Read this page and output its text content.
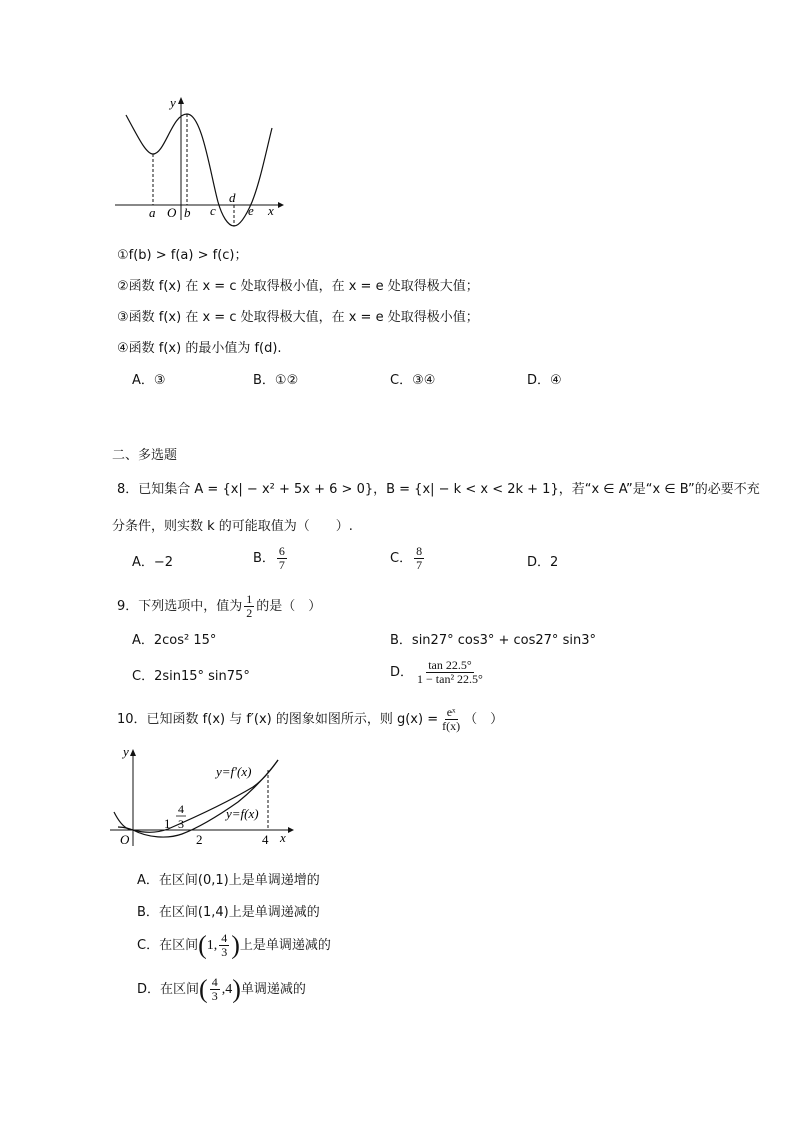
y
x
O
a b c
d
e
①f(b) > f(a) > f(c)；
②函数 f(x) 在 x = c 处取得极小值，在 x = e 处取得极大值；
③函数 f(x) 在 x = c 处取得极大值，在 x = e 处取得极小值；
④函数 f(x) 的最小值为 f(d).
A．③	B．①②	C．③④	D．④
二、多选题
8．已知集合 A = {x| − x² + 5x + 6 > 0}，B = {x| − k < x < 2k + 1}，若“x ∈ A”是“x ∈ B”的必要不充
分条件，则实数 k 的可能取值为（　　）.
A．−2	B． $\frac{6}{7}$	C． $\frac{8}{7}$	D．2
9．下列选项中，值为 $\frac{1}{2}$ 的是（　）
A．2cos² 15°	B．sin27° cos3° + cos27° sin3°
C．2sin15° sin75°	D． $\frac{\tan 22.5^\circ}{\text{1 − tan² 22.5°}}$
10．已知函数 f(x) 与 f′(x) 的图象如图所示，则 $g(x) = \frac{\text{eˣ}}{f(x)}$ （　）
y
x
O
1
4
3
2	4
y=f′(x)
y=f(x)
A．在区间(0,1)上是单调递增的
B．在区间(1,4)上是单调递减的
C．在区间(1, $\frac{4}{3}$ )上是单调递减的
D．在区间( $\frac{4}{3} ,4$)单调递减的
